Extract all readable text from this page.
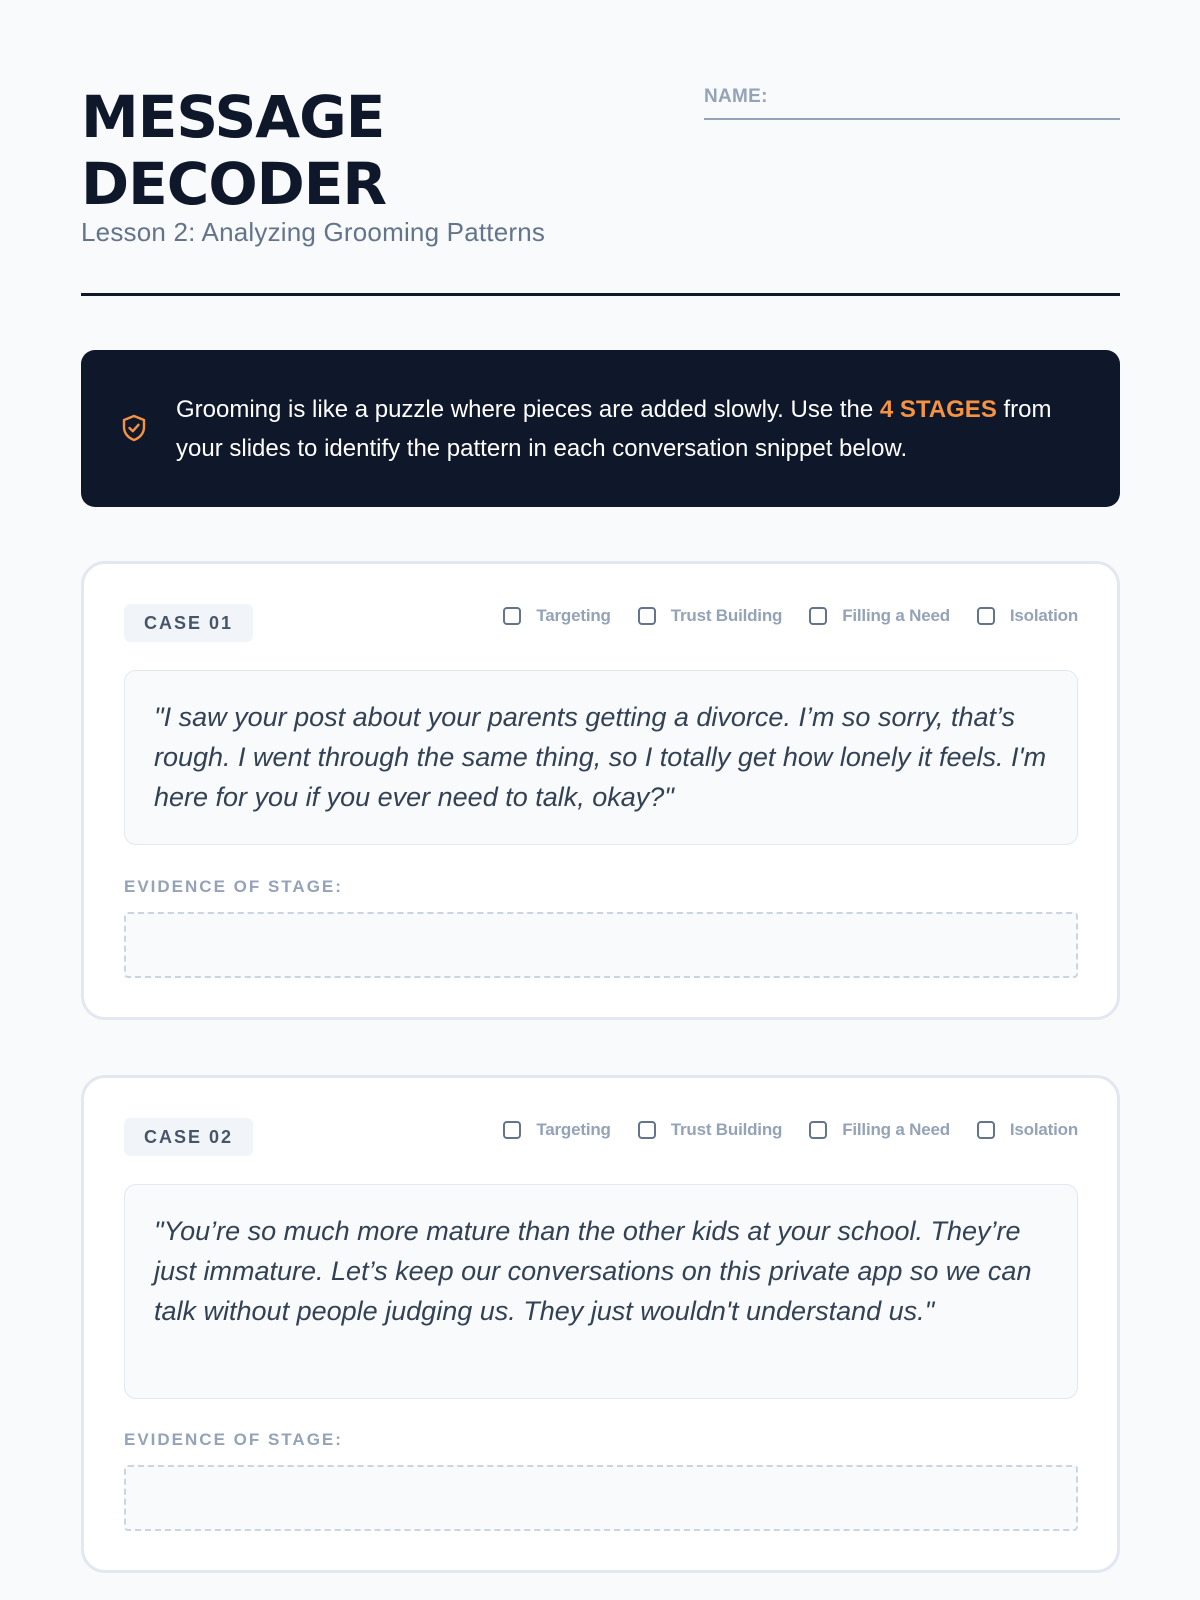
MESSAGE
DECODER
Lesson 2: Analyzing Grooming Patterns
NAME:
Grooming is like a puzzle where pieces are added slowly. Use the 4 STAGES from your slides to identify the pattern in each conversation snippet below.
CASE 01	Targeting	Trust Building	Filling a Need	Isolation
"I saw your post about your parents getting a divorce. I’m so sorry, that’s rough. I went through the same thing, so I totally get how lonely it feels. I'm here for you if you ever need to talk, okay?"
EVIDENCE OF STAGE:
CASE 02	Targeting	Trust Building	Filling a Need	Isolation
"You’re so much more mature than the other kids at your school. They’re just immature. Let’s keep our conversations on this private app so we can talk without people judging us. They just wouldn't understand us."
EVIDENCE OF STAGE:
